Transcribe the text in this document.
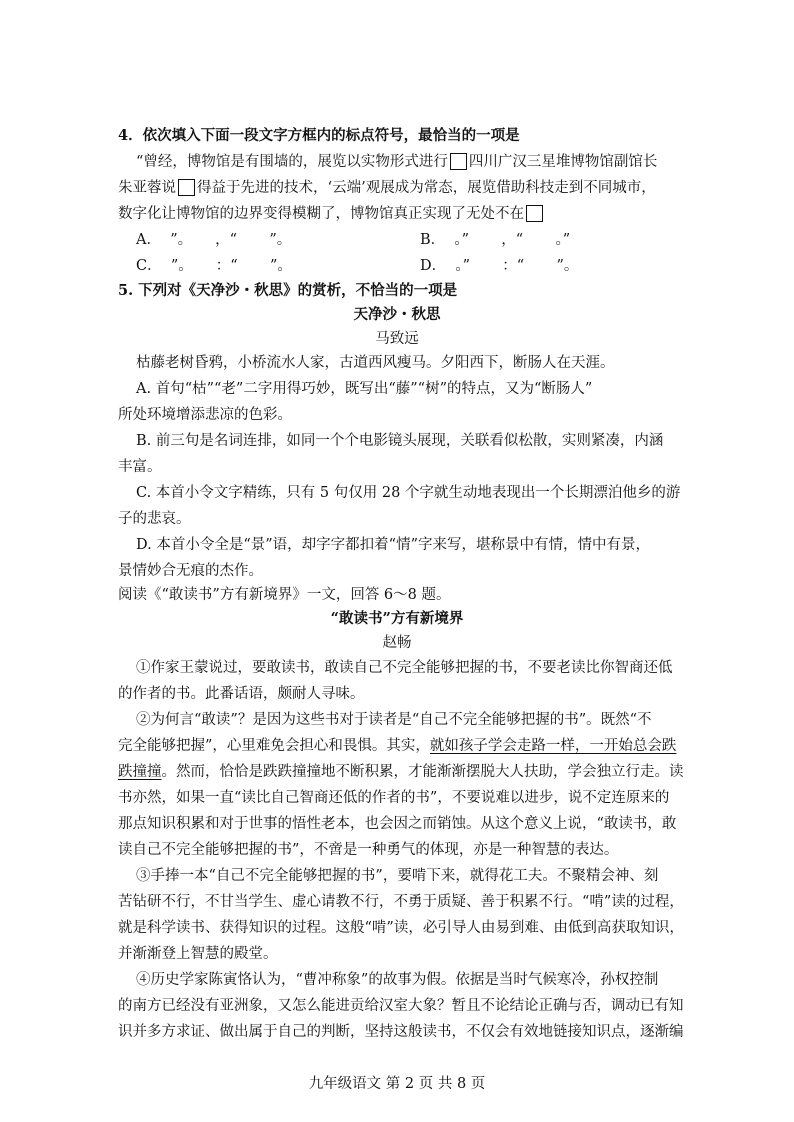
4．依次填入下面一段文字方框内的标点符号，最恰当的一项是
“曾经，博物馆是有围墙的，展览以实物形式进行 四川广汉三星堆博物馆副馆长
朱亚蓉说 得益于先进的技术，‘云端’观展成为常态，展览借助科技走到不同城市，
数字化让博物馆的边界变得模糊了，博物馆真正实现了无处不在
A．  ”。     ，“       ”。	B．  。”       ，“       。”
C．  ”。     ：“       ”。	D．  。”       ：“       ”。
5. 下列对《天净沙・秋思》的赏析，不恰当的一项是
天净沙・秋思
马致远
枯藤老树昏鸦，小桥流水人家，古道西风瘦马。夕阳西下，断肠人在天涯。
A. 首句“枯”“老”二字用得巧妙，既写出“藤”“树”的特点，又为“断肠人”
所处环境增添悲凉的色彩。
B. 前三句是名词连排，如同一个个电影镜头展现，关联看似松散，实则紧凑，内涵
丰富。
C. 本首小令文字精练，只有 5 句仅用 28 个字就生动地表现出一个长期漂泊他乡的游
子的悲哀。
D. 本首小令全是“景”语，却字字都扣着“情”字来写，堪称景中有情，情中有景，
景情妙合无痕的杰作。
阅读《“敢读书”方有新境界》一文，回答 6～8 题。
“敢读书”方有新境界
赵畅
①作家王蒙说过，要敢读书，敢读自己不完全能够把握的书，不要老读比你智商还低
的作者的书。此番话语，颇耐人寻味。
②为何言“敢读”？是因为这些书对于读者是“自己不完全能够把握的书”。既然“不
完全能够把握”，心里难免会担心和畏惧。其实，就如孩子学会走路一样，一开始总会跌
跌撞撞。然而，恰恰是跌跌撞撞地不断积累，才能渐渐摆脱大人扶助，学会独立行走。读
书亦然，如果一直“读比自己智商还低的作者的书”，不要说难以进步，说不定连原来的
那点知识积累和对于世事的悟性老本，也会因之而销蚀。从这个意义上说，“敢读书，敢
读自己不完全能够把握的书”，不啻是一种勇气的体现，亦是一种智慧的表达。
③手捧一本“自己不完全能够把握的书”，要啃下来，就得花工夫。不聚精会神、刻
苦钻研不行，不甘当学生、虚心请教不行，不勇于质疑、善于积累不行。“啃”读的过程，
就是科学读书、获得知识的过程。这般“啃”读，必引导人由易到难、由低到高获取知识，
并渐渐登上智慧的殿堂。
④历史学家陈寅恪认为，“曹冲称象”的故事为假。依据是当时气候寒冷，孙权控制
的南方已经没有亚洲象，又怎么能进贡给汉室大象？暂且不论结论正确与否，调动已有知
识并多方求证、做出属于自己的判断，坚持这般读书，不仅会有效地链接知识点，逐渐编
九年级语文 第 2 页 共 8 页
